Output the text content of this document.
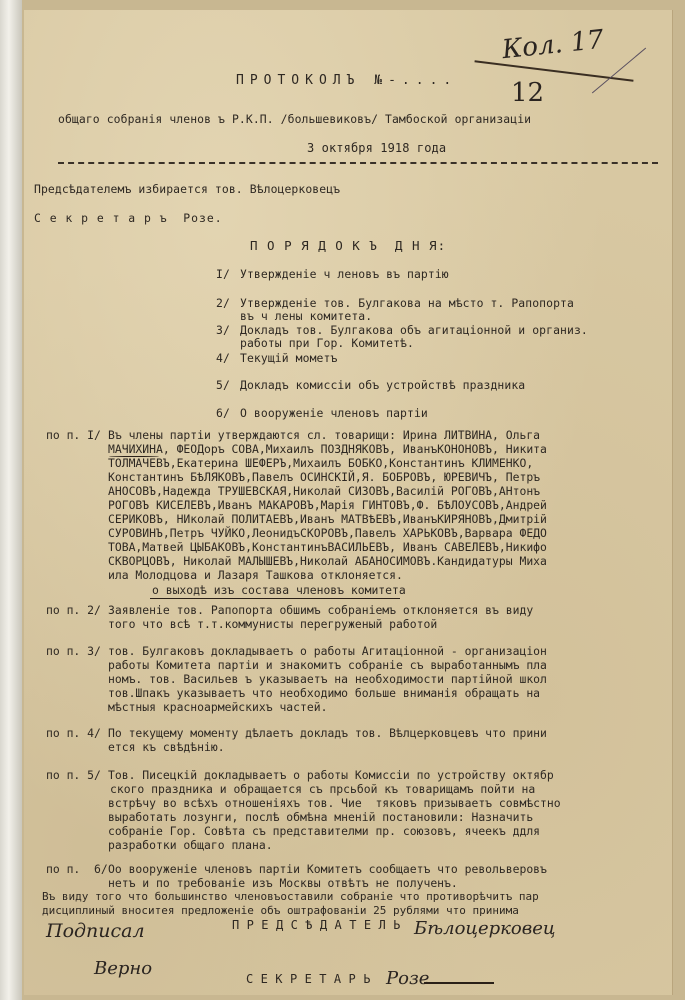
Кол. 17
12
ПРОТОКОЛЪ №-....
общаго собранія членов ъ Р.К.П. /большевиковъ/ Тамбоской организаціи
3 октября 1918 года
Предсѣдателемъ избирается тов. Вѣлоцерковецъ
С е к р е т а р ъ  Розе.
П О Р Я Д О К Ъ  Д Н Я:
I/ Утвержденіе ч леновъ въ партію
2/ Утвержденіе тов. Булгакова на мѣсто т. Рапопорта
въ ч лены комитета.
3/ Докладъ тов. Булгакова объ агитаціонной и организ.
работы при Гор. Комитетѣ.
4/ Текущій мометъ
5/ Докладъ комиссіи объ устройствѣ праздника
6/ О вооруженіе членовъ партіи
по п. I/ Въ члены партіи утверждаются сл. товарищи: Ирина ЛИТВИНА, Ольга
МАЧИХИНА, ФЕОДоръ СОВА,Михаилъ ПОЗДНЯКОВЪ, ИванъКОНОНОВЪ, Никита
ТОЛМАЧЕВЪ,Екатерина ШЕФЕРЪ,Михаилъ БОБКО,Константинъ КЛИМЕНКО,
Константинъ БѢЛЯКОВЪ,Павелъ ОСИНСКІЙ,Я. БОБРОВЪ, ЮРЕВИЧЪ, Петръ
АНОСОВЪ,Надежда ТРУШЕВСКАЯ,Николай СИЗОВЪ,Василій РОГОВЪ,АНтонъ
РОГОВЪ КИСЕЛЕВЪ,Иванъ МАКАРОВЪ,Марія ГИНТОВЪ,Ф. БѢЛОУСОВЪ,Андрей
СЕРИКОВЪ, НИколай ПОЛИТАЕВЪ,Иванъ МАТВѢЕВЪ,ИванъКИРЯНОВЪ,Дмитрій
СУРОВИНЪ,Петръ ЧУЙКО,ЛеонидъСКОРОВЪ,Павелъ ХАРЬКОВЪ,Варвара ФЕДО
ТОВА,Матвей ЦЫБАКОВЪ,КонстантинъВАСИЛЬЕВЪ, Иванъ САВЕЛЕВЪ,Никифо
СКВОРЦОВЪ, Николай МАЛЫШЕВЪ,Николай АБАНОСИМОВЪ.Кандидатуры Миха
ила Молодцова и Лазаря Ташкова отклоняется.
о выходѣ изъ состава членовъ комитета
по п. 2/ Заявленіе тов. Рапопорта обшимъ собраніемъ отклоняется въ виду
того что всѣ т.т.коммунисты перегруженый работой
по п. 3/ тов. Булгаковъ докладываетъ о работы Агитаціонной - организаціон
работы Комитета партіи и знакомитъ собраніе съ выработаннымъ пла
номъ. тов. Васильев ъ указываетъ на необходимости партійной школ
тов.Шпакъ указываетъ что необходимо больше вниманія обращать на
мѣстныя красноармейскихъ частей.
по п. 4/ По текущему моменту дѣлаетъ докладъ тов. Вѣлцерковцевъ что прини
ется къ свѣдѣнію.
по п. 5/ Тов. Писецкій докладываетъ о работы Комиссіи по устройству октябр
ского праздника и обращается съ прсьбой къ товарищамъ пойти на
встрѣчу во всѣхъ отношеніяхъ тов. Чие  тяковъ призываетъ совмѣстно
выработать лозунги, послѣ обмѣна мненій постановили: Назначить
собраніе Гор. Совѣта съ представителми пр. союзовъ, ячеекъ ддля
разработки общаго плана.
по п.  6/ Оо вооруженіе членовъ партіи Комитетъ сообщаетъ что револьверовъ
нетъ и по требованіе изъ Москвы отвѣтъ не полученъ.
Въ виду того что большинство членовъоставили собраніе что противорѣчитъ пар
дисциплиный вноситея предложеніе объ оштрафованіи 25 рублями что принима
П Р Е Д С Ѣ Д А Т Е Л Ь
Подписал	Бѣлоцерковец
Верно	С Е К Р Е Т А Р Ь Розе
